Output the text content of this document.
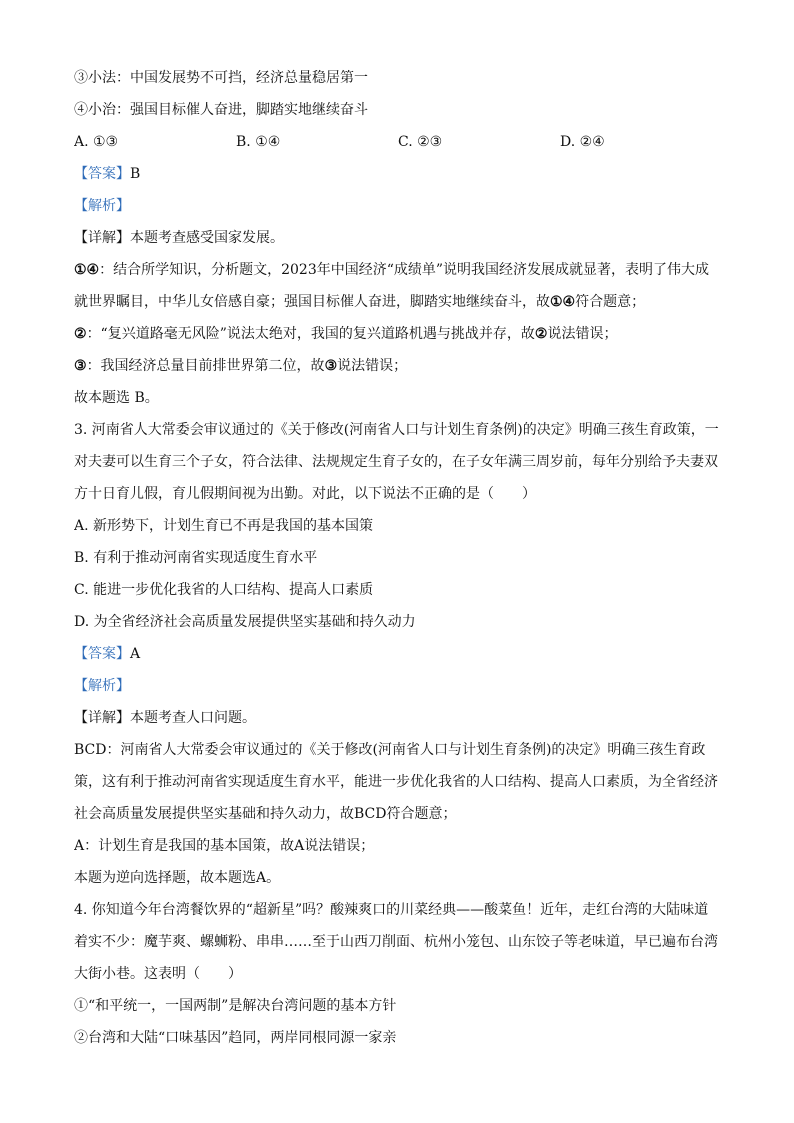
③小法：中国发展势不可挡，经济总量稳居第一
④小治：强国目标催人奋进，脚踏实地继续奋斗
A. ①③	B. ①④	C. ②③	D. ②④
【答案】B
【解析】
【详解】本题考查感受国家发展。
①④：结合所学知识，分析题文，2023年中国经济“成绩单”说明我国经济发展成就显著，表明了伟大成
就世界瞩目，中华儿女倍感自豪；强国目标催人奋进，脚踏实地继续奋斗，故①④符合题意；
②：“复兴道路毫无风险”说法太绝对，我国的复兴道路机遇与挑战并存，故②说法错误；
③：我国经济总量目前排世界第二位，故③说法错误；
故本题选 B。
3. 河南省人大常委会审议通过的《关于修改(河南省人口与计划生育条例)的决定》明确三孩生育政策，一
对夫妻可以生育三个子女，符合法律、法规规定生育子女的，在子女年满三周岁前，每年分别给予夫妻双
方十日育儿假，育儿假期间视为出勤。对此，以下说法不正确的是（　　）
A. 新形势下，计划生育已不再是我国的基本国策
B. 有利于推动河南省实现适度生育水平
C. 能进一步优化我省的人口结构、提高人口素质
D. 为全省经济社会高质量发展提供坚实基础和持久动力
【答案】A
【解析】
【详解】本题考查人口问题。
BCD：河南省人大常委会审议通过的《关于修改(河南省人口与计划生育条例)的决定》明确三孩生育政
策，这有利于推动河南省实现适度生育水平，能进一步优化我省的人口结构、提高人口素质，为全省经济
社会高质量发展提供坚实基础和持久动力，故BCD符合题意；
A：计划生育是我国的基本国策，故A说法错误；
本题为逆向选择题，故本题选A。
4. 你知道今年台湾餐饮界的“超新星”吗？酸辣爽口的川菜经典——酸菜鱼！近年，走红台湾的大陆味道
着实不少：魔芋爽、螺蛳粉、串串……至于山西刀削面、杭州小笼包、山东饺子等老味道，早已遍布台湾
大街小巷。这表明（　　）
①“和平统一，一国两制”是解决台湾问题的基本方针
②台湾和大陆“口味基因”趋同，两岸同根同源一家亲
